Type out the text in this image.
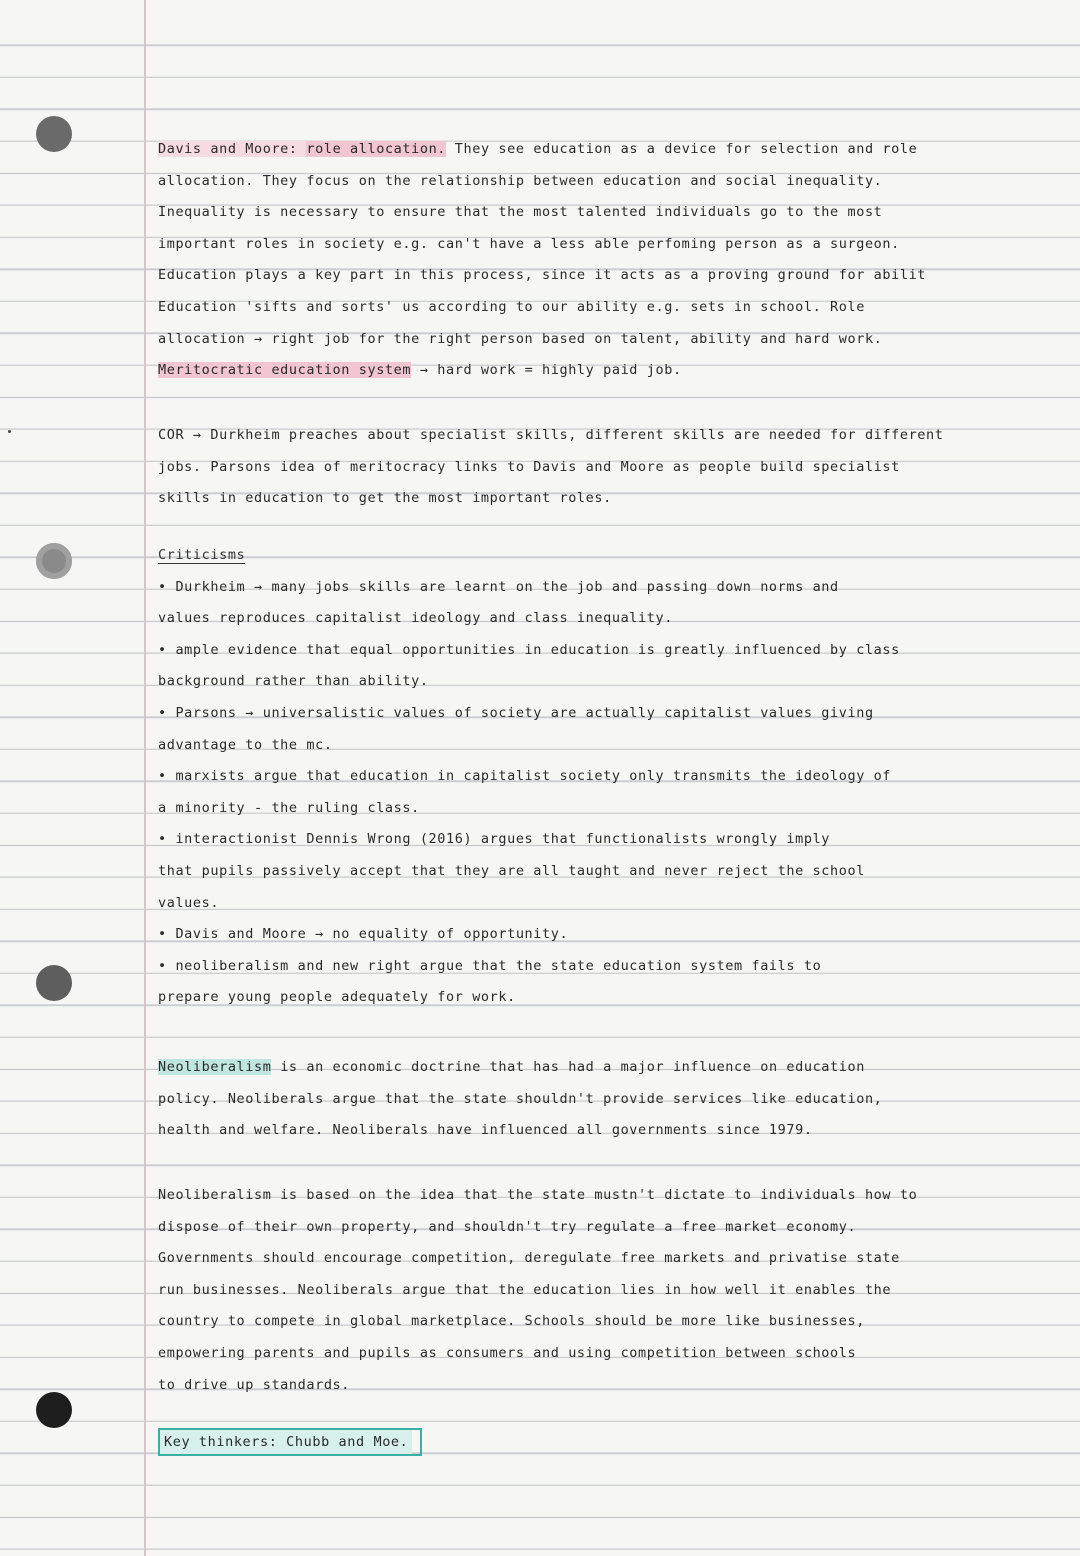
Davis and Moore: role allocation. They see education as a device for selection and role
allocation. They focus on the relationship between education and social inequality.
Inequality is necessary to ensure that the most talented individuals go to the most
important roles in society e.g. can't have a less able perfoming person as a surgeon.
Education plays a key part in this process, since it acts as a proving ground for abilit
Education 'sifts and sorts' us according to our ability e.g. sets in school. Role
allocation → right job for the right person based on talent, ability and hard work.
Meritocratic education system → hard work = highly paid job.
COR → Durkheim preaches about specialist skills, different skills are needed for different
jobs. Parsons idea of meritocracy links to Davis and Moore as people build specialist
skills in education to get the most important roles.
Criticisms
• Durkheim → many jobs skills are learnt on the job and passing down norms and
values reproduces capitalist ideology and class inequality.
• ample evidence that equal opportunities in education is greatly influenced by class
background rather than ability.
• Parsons → universalistic values of society are actually capitalist values giving
advantage to the mc.
• marxists argue that education in capitalist society only transmits the ideology of
a minority - the ruling class.
• interactionist Dennis Wrong (2016) argues that functionalists wrongly imply
that pupils passively accept that they are all taught and never reject the school
values.
• Davis and Moore → no equality of opportunity.
• neoliberalism and new right argue that the state education system fails to
prepare young people adequately for work.
Neoliberalism is an economic doctrine that has had a major influence on education
policy. Neoliberals argue that the state shouldn't provide services like education,
health and welfare. Neoliberals have influenced all governments since 1979.
Neoliberalism is based on the idea that the state mustn't dictate to individuals how to
dispose of their own property, and shouldn't try regulate a free market economy.
Governments should encourage competition, deregulate free markets and privatise state
run businesses. Neoliberals argue that the education lies in how well it enables the
country to compete in global marketplace. Schools should be more like businesses,
empowering parents and pupils as consumers and using competition between schools
to drive up standards.
Key thinkers: Chubb and Moe.
